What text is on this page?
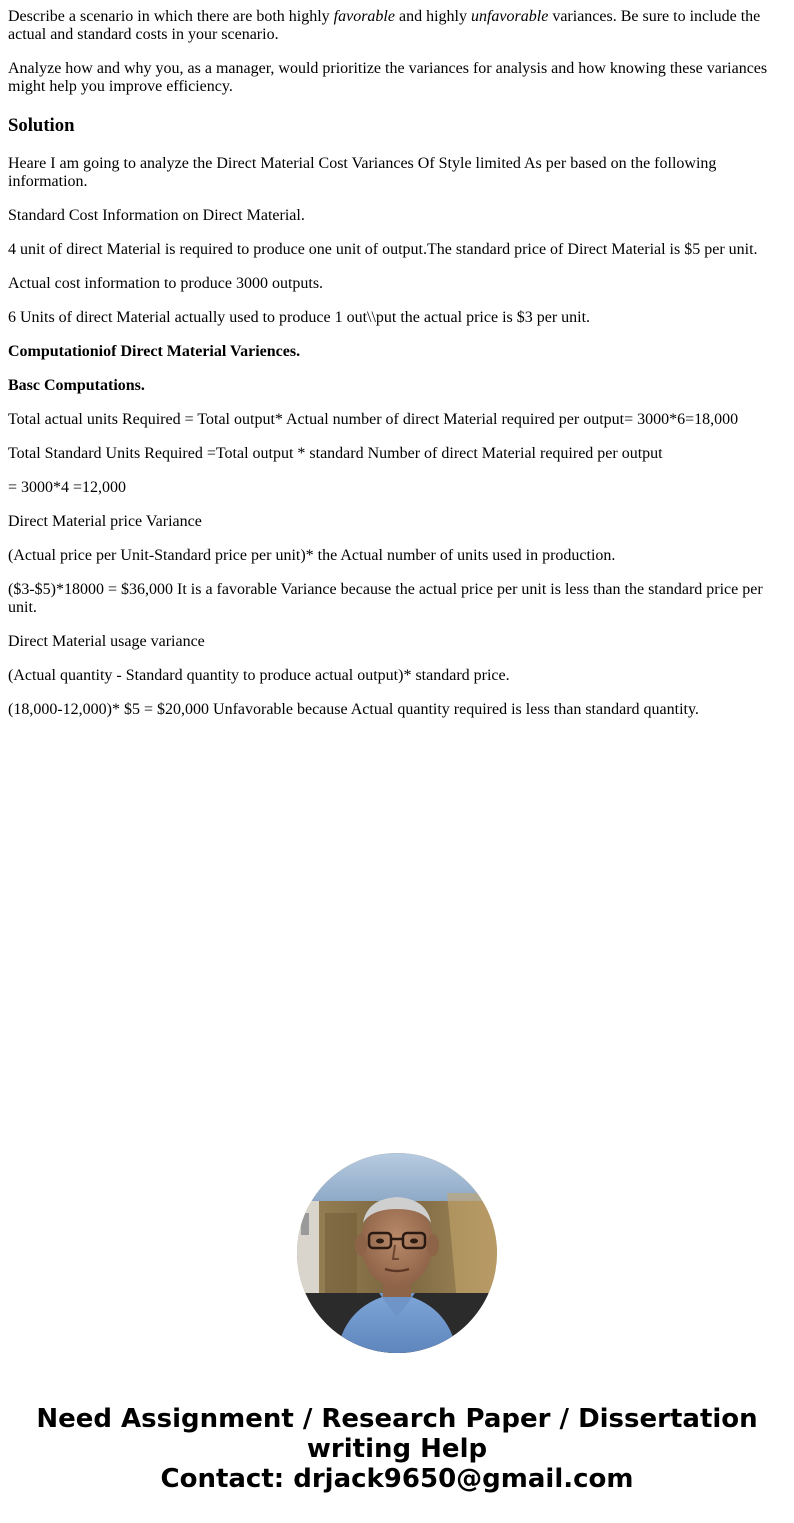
Describe a scenario in which there are both highly favorable and highly unfavorable variances. Be sure to include the actual and standard costs in your scenario.

Analyze how and why you, as a manager, would prioritize the variances for analysis and how knowing these variances might help you improve efficiency.

Solution

Heare I am going to analyze the Direct Material Cost Variances Of Style limited As per based on the following information.

Standard Cost Information on Direct Material.

4 unit of direct Material is required to produce one unit of output.The standard price of Direct Material is $5 per unit.

Actual cost information to produce 3000 outputs.

6 Units of direct Material actually used to produce 1 out\\put the actual price is $3 per unit.

Computationiof Direct Material Variences.

Basc Computations.

Total actual units Required = Total output* Actual number of direct Material required per output= 3000*6=18,000

Total Standard Units Required =Total output * standard Number of direct Material required per output

= 3000*4 =12,000

Direct Material price Variance

(Actual price per Unit-Standard price per unit)* the Actual number of units used in production.

($3-$5)*18000 = $36,000 It is a favorable Variance because the actual price per unit is less than the standard price per unit.

Direct Material usage variance

(Actual quantity - Standard quantity to produce actual output)* standard price.

(18,000-12,000)* $5 = $20,000 Unfavorable because Actual quantity required is less than standard quantity.

Need Assignment / Research Paper / Dissertation
writing Help
Contact: drjack9650@gmail.com
